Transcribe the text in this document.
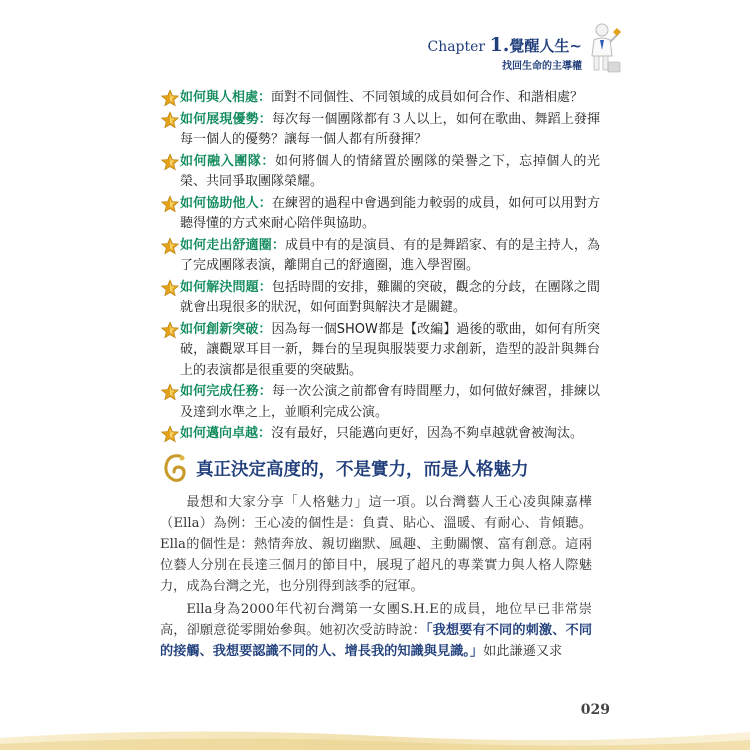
Chapter 1.覺醒人生~
找回生命的主導權
如何與人相處：面對不同個性、不同領域的成員如何合作、和諧相處？
如何展現優勢：每次每一個團隊都有３人以上，如何在歌曲、舞蹈上發揮每一個人的優勢？讓每一個人都有所發揮？
如何融入團隊：如何將個人的情緒置於團隊的榮譽之下，忘掉個人的光榮、共同爭取團隊榮耀。
如何協助他人：在練習的過程中會遇到能力較弱的成員，如何可以用對方聽得懂的方式來耐心陪伴與協助。
如何走出舒適圈：成員中有的是演員、有的是舞蹈家、有的是主持人，為了完成團隊表演，離開自己的舒適圈，進入學習圈。
如何解決問題：包括時間的安排，難關的突破，觀念的分歧，在團隊之間就會出現很多的狀況，如何面對與解決才是關鍵。
如何創新突破：因為每一個SHOW都是【改編】過後的歌曲，如何有所突破，讓觀眾耳目一新，舞台的呈現與服裝要力求創新，造型的設計與舞台上的表演都是很重要的突破點。
如何完成任務：每一次公演之前都會有時間壓力，如何做好練習，排練以及達到水準之上，並順利完成公演。
如何邁向卓越：沒有最好，只能邁向更好，因為不夠卓越就會被淘汰。
真正決定高度的，不是實力，而是人格魅力

最想和大家分享「人格魅力」這一項。以台灣藝人王心凌與陳嘉樺（Ella）為例：王心凌的個性是：負責、貼心、溫暖、有耐心、肯傾聽。Ella的個性是：熱情奔放、親切幽默、風趣、主動關懷、富有創意。這兩位藝人分別在長達三個月的節目中，展現了超凡的專業實力與人格人際魅力，成為台灣之光，也分別得到該季的冠軍。

Ella身為2000年代初台灣第一女團S.H.E的成員，地位早已非常崇高，卻願意從零開始參與。她初次受訪時說：「我想要有不同的刺激、不同的接觸、我想要認識不同的人、增長我的知識與見識。」如此謙遜又求

029
